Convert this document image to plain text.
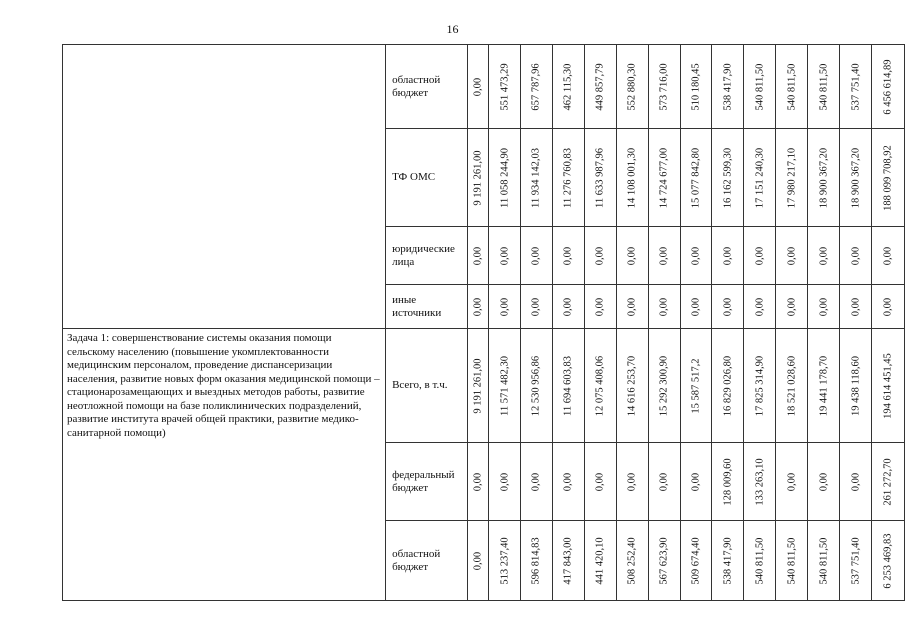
16
	областной бюджет	0,00	551 473,29	657 787,96	462 115,30	449 857,79	552 880,30	573 716,00	510 180,45	538 417,90	540 811,50	540 811,50	540 811,50	537 751,40	6 456 614,89

	ТФ ОМС	9 191 261,00	11 058 244,90	11 934 142,03	11 276 760,83	11 633 987,96	14 108 001,30	14 724 677,00	15 077 842,80	16 162 599,30	17 151 240,30	17 980 217,10	18 900 367,20	18 900 367,20	188 099 708,92

	юридические лица	0,00	0,00	0,00	0,00	0,00	0,00	0,00	0,00	0,00	0,00	0,00	0,00	0,00	0,00

	иные источники	0,00	0,00	0,00	0,00	0,00	0,00	0,00	0,00	0,00	0,00	0,00	0,00	0,00	0,00

Задача 1: совершенствование системы оказания помощи сельскому населению (повышение укомплектованности медицинским персоналом, проведение диспансеризации населения, развитие новых форм оказания медицинской помощи – стационарозамещающих и выездных методов работы, развитие неотложной помощи на базе поликлинических подразделений, развитие института врачей общей практики, развитие медико-санитарной помощи)	Всего, в т.ч.	9 191 261,00	11 571 482,30	12 530 956,86	11 694 603,83	12 075 408,06	14 616 253,70	15 292 300,90	15 587 517,2	16 829 026,80	17 825 314,90	18 521 028,60	19 441 178,70	19 438 118,60	194 614 451,45

	федеральный бюджет	0,00	0,00	0,00	0,00	0,00	0,00	0,00	0,00	128 009,60	133 263,10	0,00	0,00	0,00	261 272,70

	областной бюджет	0,00	513 237,40	596 814,83	417 843,00	441 420,10	508 252,40	567 623,90	509 674,40	538 417,90	540 811,50	540 811,50	540 811,50	537 751,40	6 253 469,83
